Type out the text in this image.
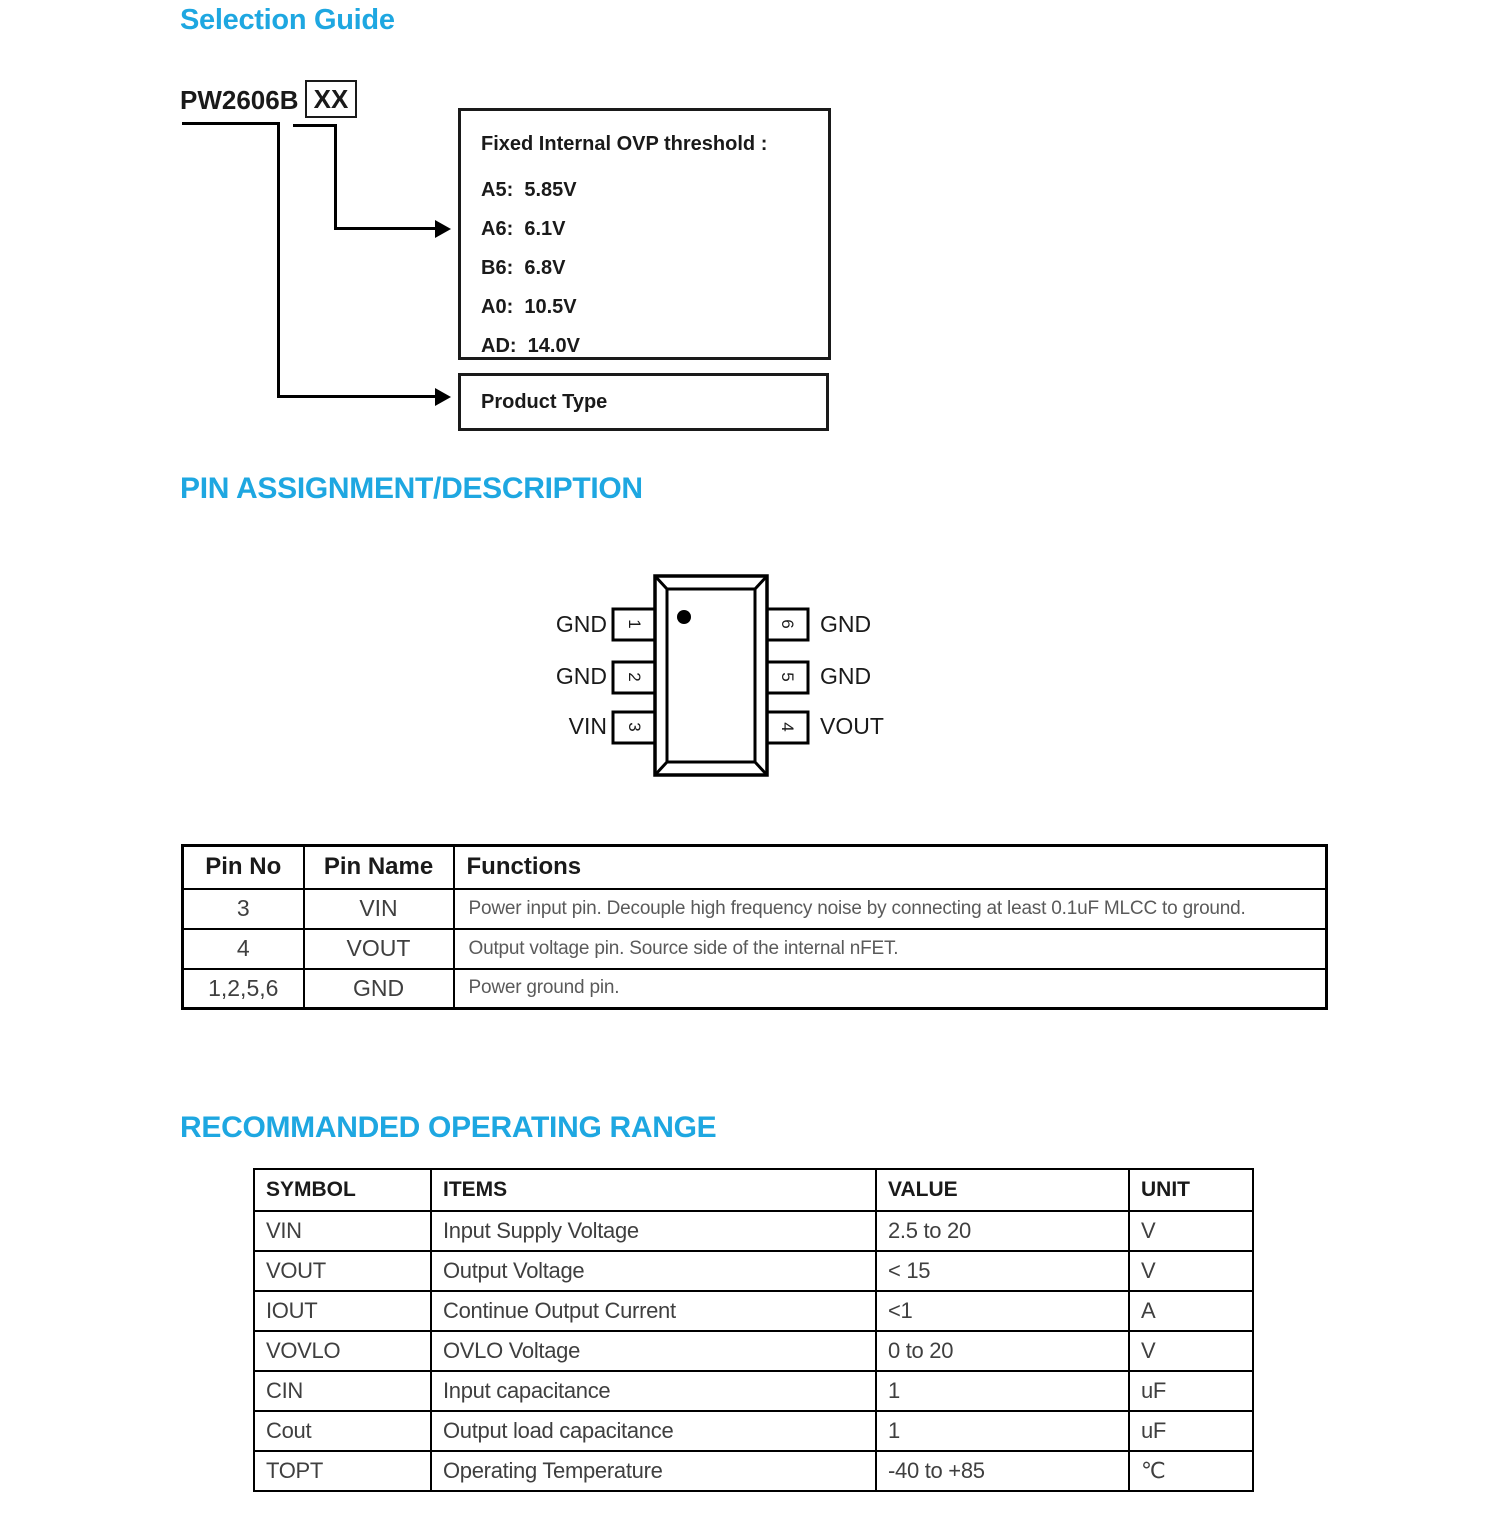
Selection Guide
PW2606B XX
Fixed Internal OVP threshold :
A5:  5.85V
A6:  6.1V
B6:  6.8V
A0:  10.5V
AD:  14.0V
Product Type
PIN ASSIGNMENT/DESCRIPTION
1
2
3
6
5
4
GND
GND
VIN
GND
GND
VOUT
Pin No	Pin Name	Functions
3	VIN	Power input pin. Decouple high frequency noise by connecting at least 0.1uF MLCC to ground.
4	VOUT	Output voltage pin. Source side of the internal nFET.
1,2,5,6	GND	Power ground pin.
RECOMMANDED OPERATING RANGE
SYMBOL	ITEMS	VALUE	UNIT
VIN	Input Supply Voltage	2.5 to 20	V
VOUT	Output Voltage	< 15	V
IOUT	Continue Output Current	<1	A
VOVLO	OVLO Voltage	0 to 20	V
CIN	Input capacitance	1	uF
Cout	Output load capacitance	1	uF
TOPT	Operating Temperature	-40 to +85	℃
